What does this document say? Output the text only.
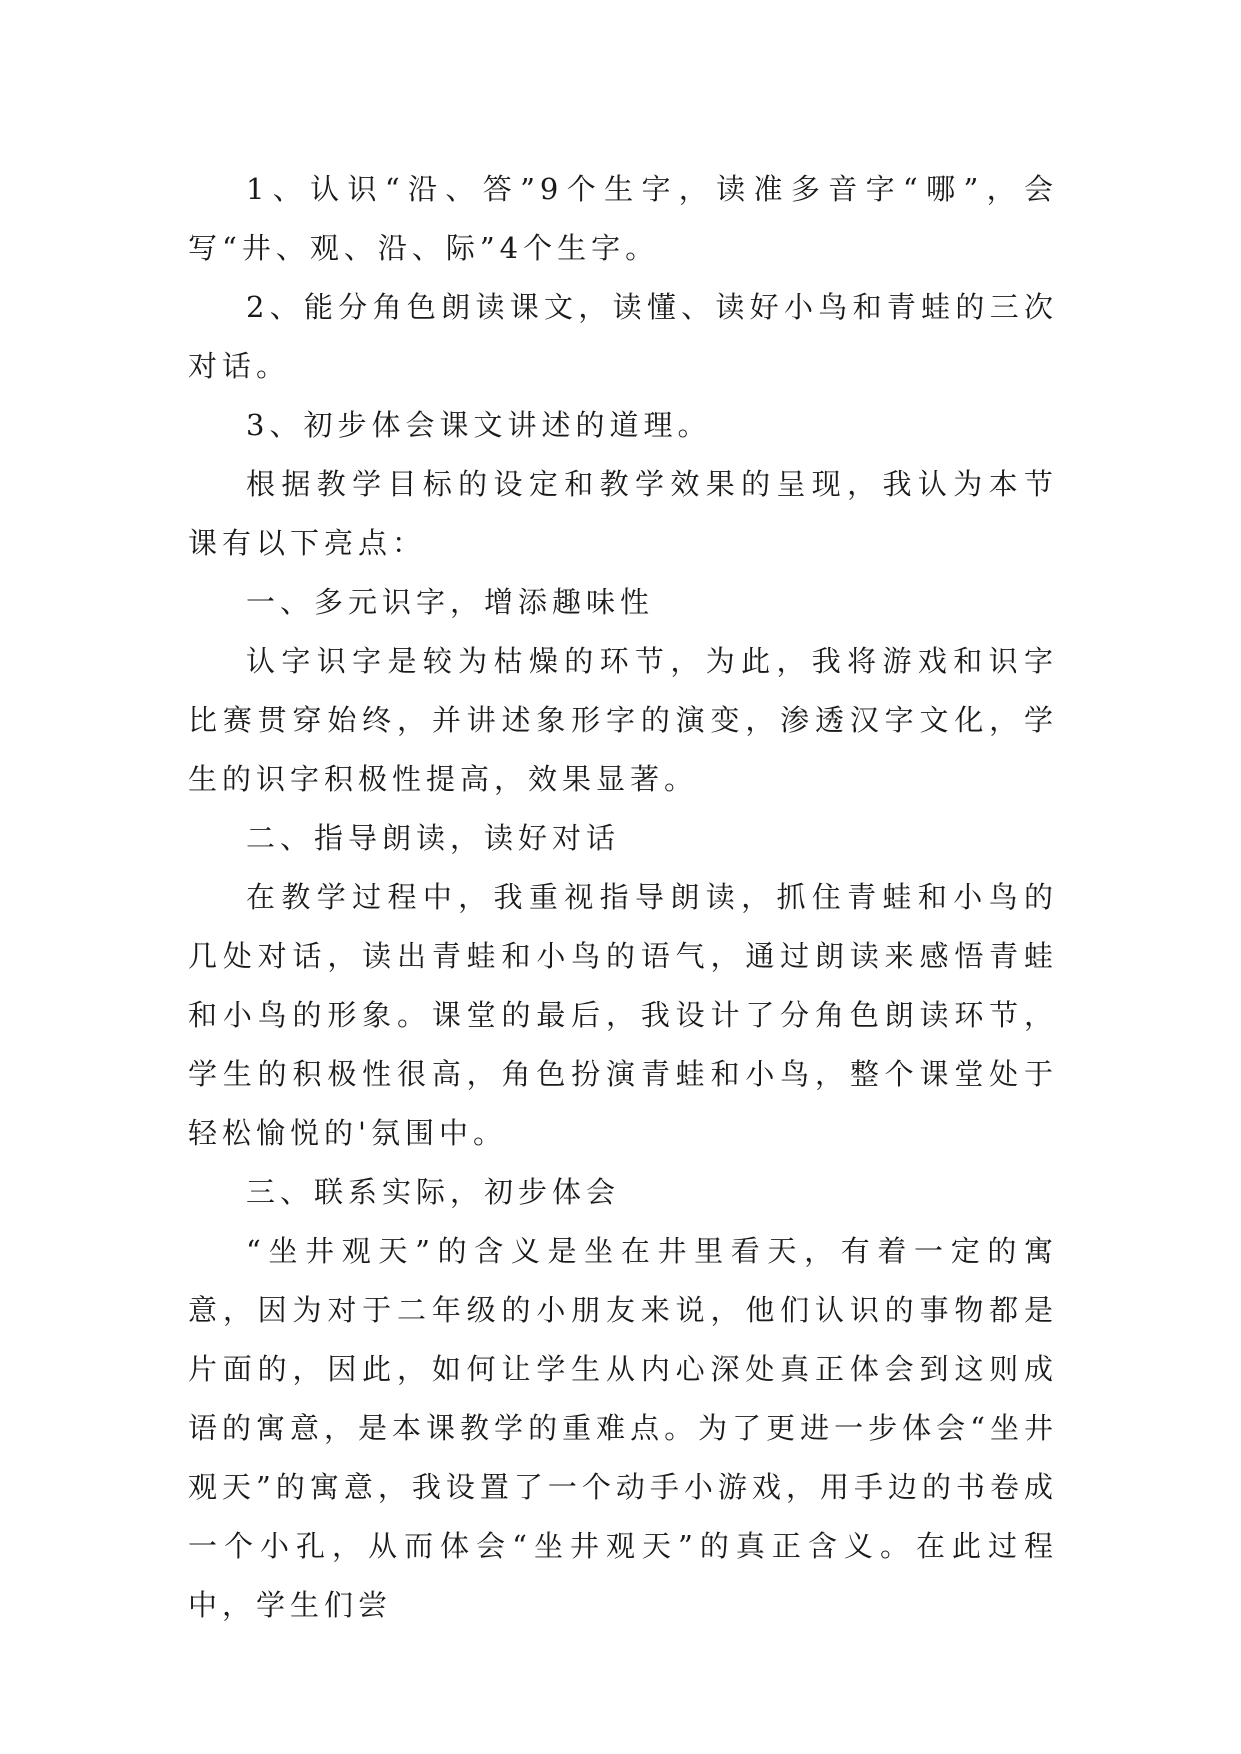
1、认识“沿、答”9个生字，读准多音字“哪”，会写“井、观、沿、际”4个生字。

2、能分角色朗读课文，读懂、读好小鸟和青蛙的三次对话。

3、初步体会课文讲述的道理。

根据教学目标的设定和教学效果的呈现，我认为本节课有以下亮点：

一、多元识字，增添趣味性

认字识字是较为枯燥的环节，为此，我将游戏和识字比赛贯穿始终，并讲述象形字的演变，渗透汉字文化，学生的识字积极性提高，效果显著。

二、指导朗读，读好对话

在教学过程中，我重视指导朗读，抓住青蛙和小鸟的几处对话，读出青蛙和小鸟的语气，通过朗读来感悟青蛙和小鸟的形象。课堂的最后，我设计了分角色朗读环节，学生的积极性很高，角色扮演青蛙和小鸟，整个课堂处于轻松愉悦的'氛围中。

三、联系实际，初步体会

“坐井观天”的含义是坐在井里看天，有着一定的寓意，因为对于二年级的小朋友来说，他们认识的事物都是片面的，因此，如何让学生从内心深处真正体会到这则成语的寓意，是本课教学的重难点。为了更进一步体会“坐井观天”的寓意，我设置了一个动手小游戏，用手边的书卷成一个小孔，从而体会“坐井观天”的真正含义。在此过程中，学生们尝
